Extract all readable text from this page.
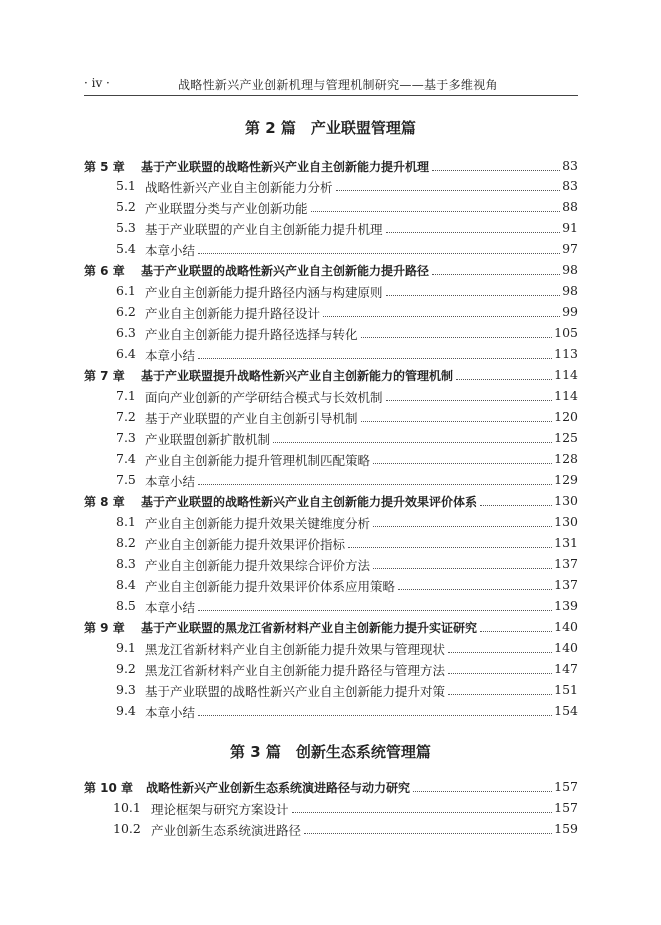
· iv ·	战略性新兴产业创新机理与管理机制研究——基于多维视角
第 2 篇　产业联盟管理篇
第 3 篇　创新生态系统管理篇
第 5 章 基于产业联盟的战略性新兴产业自主创新能力提升机理	83
5.1 战略性新兴产业自主创新能力分析	83
5.2 产业联盟分类与产业创新功能	88
5.3 基于产业联盟的产业自主创新能力提升机理	91
5.4 本章小结	97
第 6 章 基于产业联盟的战略性新兴产业自主创新能力提升路径	98
6.1 产业自主创新能力提升路径内涵与构建原则	98
6.2 产业自主创新能力提升路径设计	99
6.3 产业自主创新能力提升路径选择与转化	105
6.4 本章小结	113
第 7 章 基于产业联盟提升战略性新兴产业自主创新能力的管理机制	114
7.1 面向产业创新的产学研结合模式与长效机制	114
7.2 基于产业联盟的产业自主创新引导机制	120
7.3 产业联盟创新扩散机制	125
7.4 产业自主创新能力提升管理机制匹配策略	128
7.5 本章小结	129
第 8 章 基于产业联盟的战略性新兴产业自主创新能力提升效果评价体系	130
8.1 产业自主创新能力提升效果关键维度分析	130
8.2 产业自主创新能力提升效果评价指标	131
8.3 产业自主创新能力提升效果综合评价方法	137
8.4 产业自主创新能力提升效果评价体系应用策略	137
8.5 本章小结	139
第 9 章 基于产业联盟的黑龙江省新材料产业自主创新能力提升实证研究	140
9.1 黑龙江省新材料产业自主创新能力提升效果与管理现状	140
9.2 黑龙江省新材料产业自主创新能力提升路径与管理方法	147
9.3 基于产业联盟的战略性新兴产业自主创新能力提升对策	151
9.4 本章小结	154
第 10 章 战略性新兴产业创新生态系统演进路径与动力研究	157
10.1 理论框架与研究方案设计	157
10.2 产业创新生态系统演进路径	159
